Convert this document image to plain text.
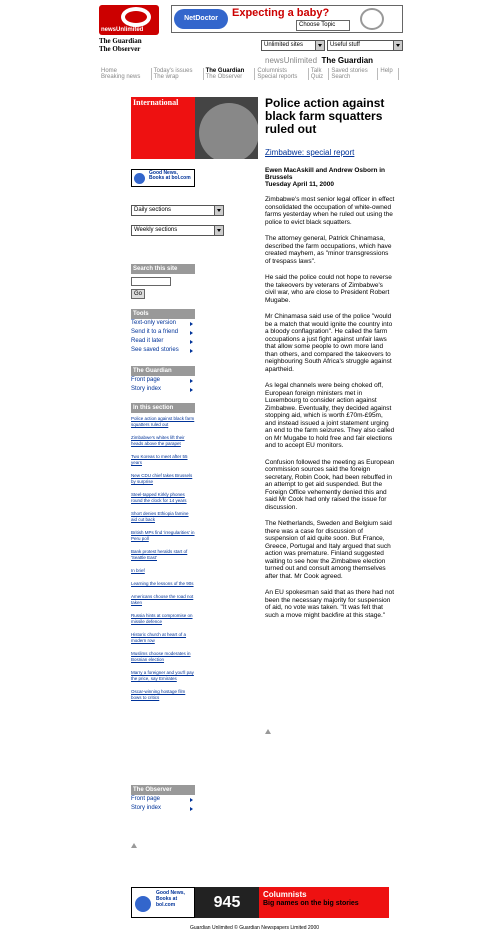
newsUnlimited
The Guardian
The Observer
NetDoctor	Expecting a baby?
Choose Topic
Unlimited sites	Useful stuff
newsUnlimited The Guardian
Home	Today's issues	The Guardian	Columnists	Talk	Saved stories	Help
Breaking news	The wrap	The Observer	Special reports	Quiz	Search	
International
Good News, Books at bol.com
Daily sections
Weekly sections
Search this site
Go
Tools
Text-only version
Send it to a friend
Read it later
See saved stories
The Guardian
Front page
Story index
In this section
Police action against black farm squatters ruled out
Zimbabwe's whites lift their heads above the parapet
Two Koreas to meet after 55 years
New CDU chief takes Brussels by surprise
Steel-tapped Kirkly phones round the clock for 14 years
Short denies Ethiopia famine aid cut back
British MPs find 'irregularities' in Peru poll
Bank protest heralds start of 'Seattle East'
In brief
Learning the lessons of the 90s
Americans choose the road not taken
Russia hints at compromise on missile defence
Historic church at heart of a modern row
Muslims choose moderates in Bosnian election
Marry a foreigner and you'll pay the price, say Emirates
Oscar-winning hostage film bows to critics
The Observer
Front page
Story index
Police action against black farm squatters ruled out
Zimbabwe: special report
Ewen MacAskill and Andrew Osborn in Brussels
Tuesday April 11, 2000

Zimbabwe's most senior legal officer in effect consolidated the occupation of white-owned farms yesterday when he ruled out using the police to evict black squatters.

The attorney general, Patrick Chinamasa, described the farm occupations, which have created mayhem, as "minor transgressions of trespass laws".

He said the police could not hope to reverse the takeovers by veterans of Zimbabwe's civil war, who are close to President Robert Mugabe.

Mr Chinamasa said use of the police "would be a match that would ignite the country into a bloody conflagration". He called the farm occupations a just fight against unfair laws that allow some people to own more land than others, and compared the takeovers to neighbouring South Africa's struggle against apartheid.

As legal channels were being choked off, European foreign ministers met in Luxembourg to consider action against Zimbabwe. Eventually, they decided against stopping aid, which is worth £70m-£95m, and instead issued a joint statement urging an end to the farm seizures. They also called on Mr Mugabe to hold free and fair elections and to accept EU monitors.

Confusion followed the meeting as European commission sources said the foreign secretary, Robin Cook, had been rebuffed in an attempt to get aid suspended. But the Foreign Office vehemently denied this and said Mr Cook had only raised the issue for discussion.

The Netherlands, Sweden and Belgium said there was a case for discussion of suspension of aid quite soon. But France, Greece, Portugal and Italy argued that such action was premature. Finland suggested waiting to see how the Zimbabwe election turned out and consult among themselves after that. Mr Cook agreed.

An EU spokesman said that as there had not been the necessary majority for suspension of aid, no vote was taken. "It was felt that such a move might backfire at this stage."

Good News, Books at bol.com	945	Columnists
Big names on the big stories
Guardian Unlimited © Guardian Newspapers Limited 2000
